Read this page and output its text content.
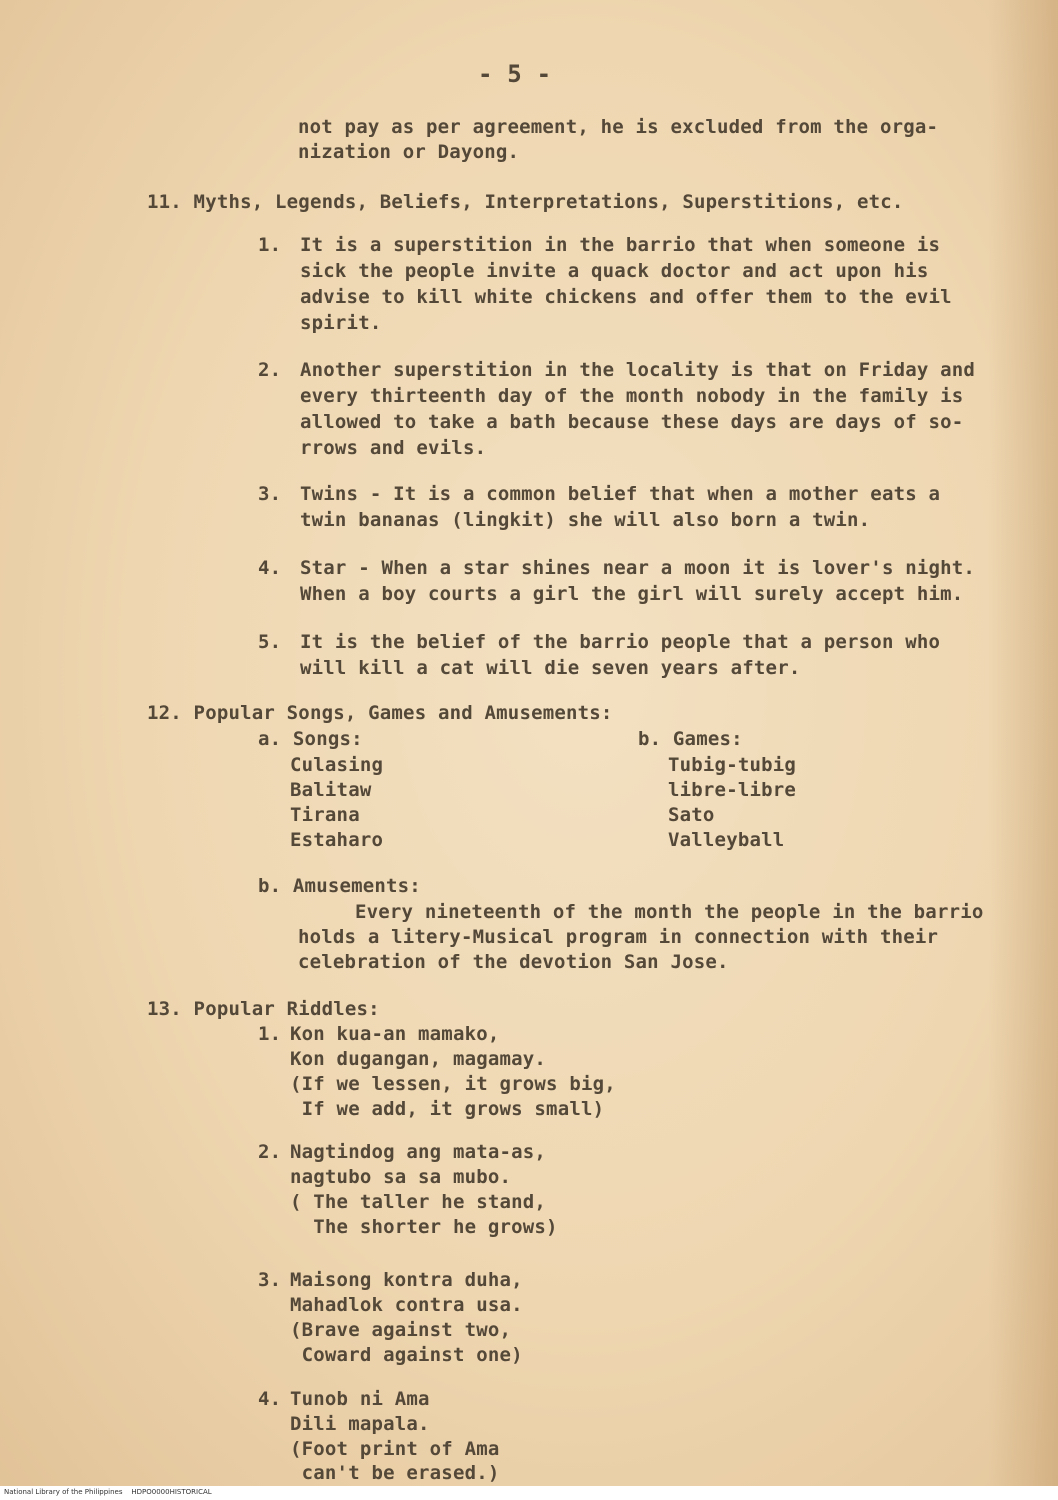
- 5 -
not pay as per agreement, he is excluded from the orga-
nization or Dayong.
11. Myths, Legends, Beliefs, Interpretations, Superstitions, etc.
1. It is a superstition in the barrio that when someone is
sick the people invite a quack doctor and act upon his
advise to kill white chickens and offer them to the evil
spirit.
2. Another superstition in the locality is that on Friday and
every thirteenth day of the month nobody in the family is
allowed to take a bath because these days are days of so-
rrows and evils.
3. Twins - It is a common belief that when a mother eats a
twin bananas (lingkit) she will also born a twin.
4. Star - When a star shines near a moon it is lover's night.
When a boy courts a girl the girl will surely accept him.
5. It is the belief of the barrio people that a person who
will kill a cat will die seven years after.
12. Popular Songs, Games and Amusements:
a. Songs:
Culasing
Balitaw
Tirana
Estaharo
b. Games:
Tubig-tubig
libre-libre
Sato
Valleyball
b. Amusements:
Every nineteenth of the month the people in the barrio
holds a litery-Musical program in connection with their
celebration of the devotion San Jose.
13. Popular Riddles:
1. Kon kua-an mamako,
Kon dugangan, magamay.
(If we lessen, it grows big,
If we add, it grows small)
2. Nagtindog ang mata-as,
nagtubo sa sa mubo.
( The taller he stand,
The shorter he grows)
3. Maisong kontra duha,
Mahadlok contra usa.
(Brave against two,
Coward against one)
4. Tunob ni Ama
Dili mapala.
(Foot print of Ama
can't be erased.)
National Library of the Philippines    HDPO0000HISTORICAL
